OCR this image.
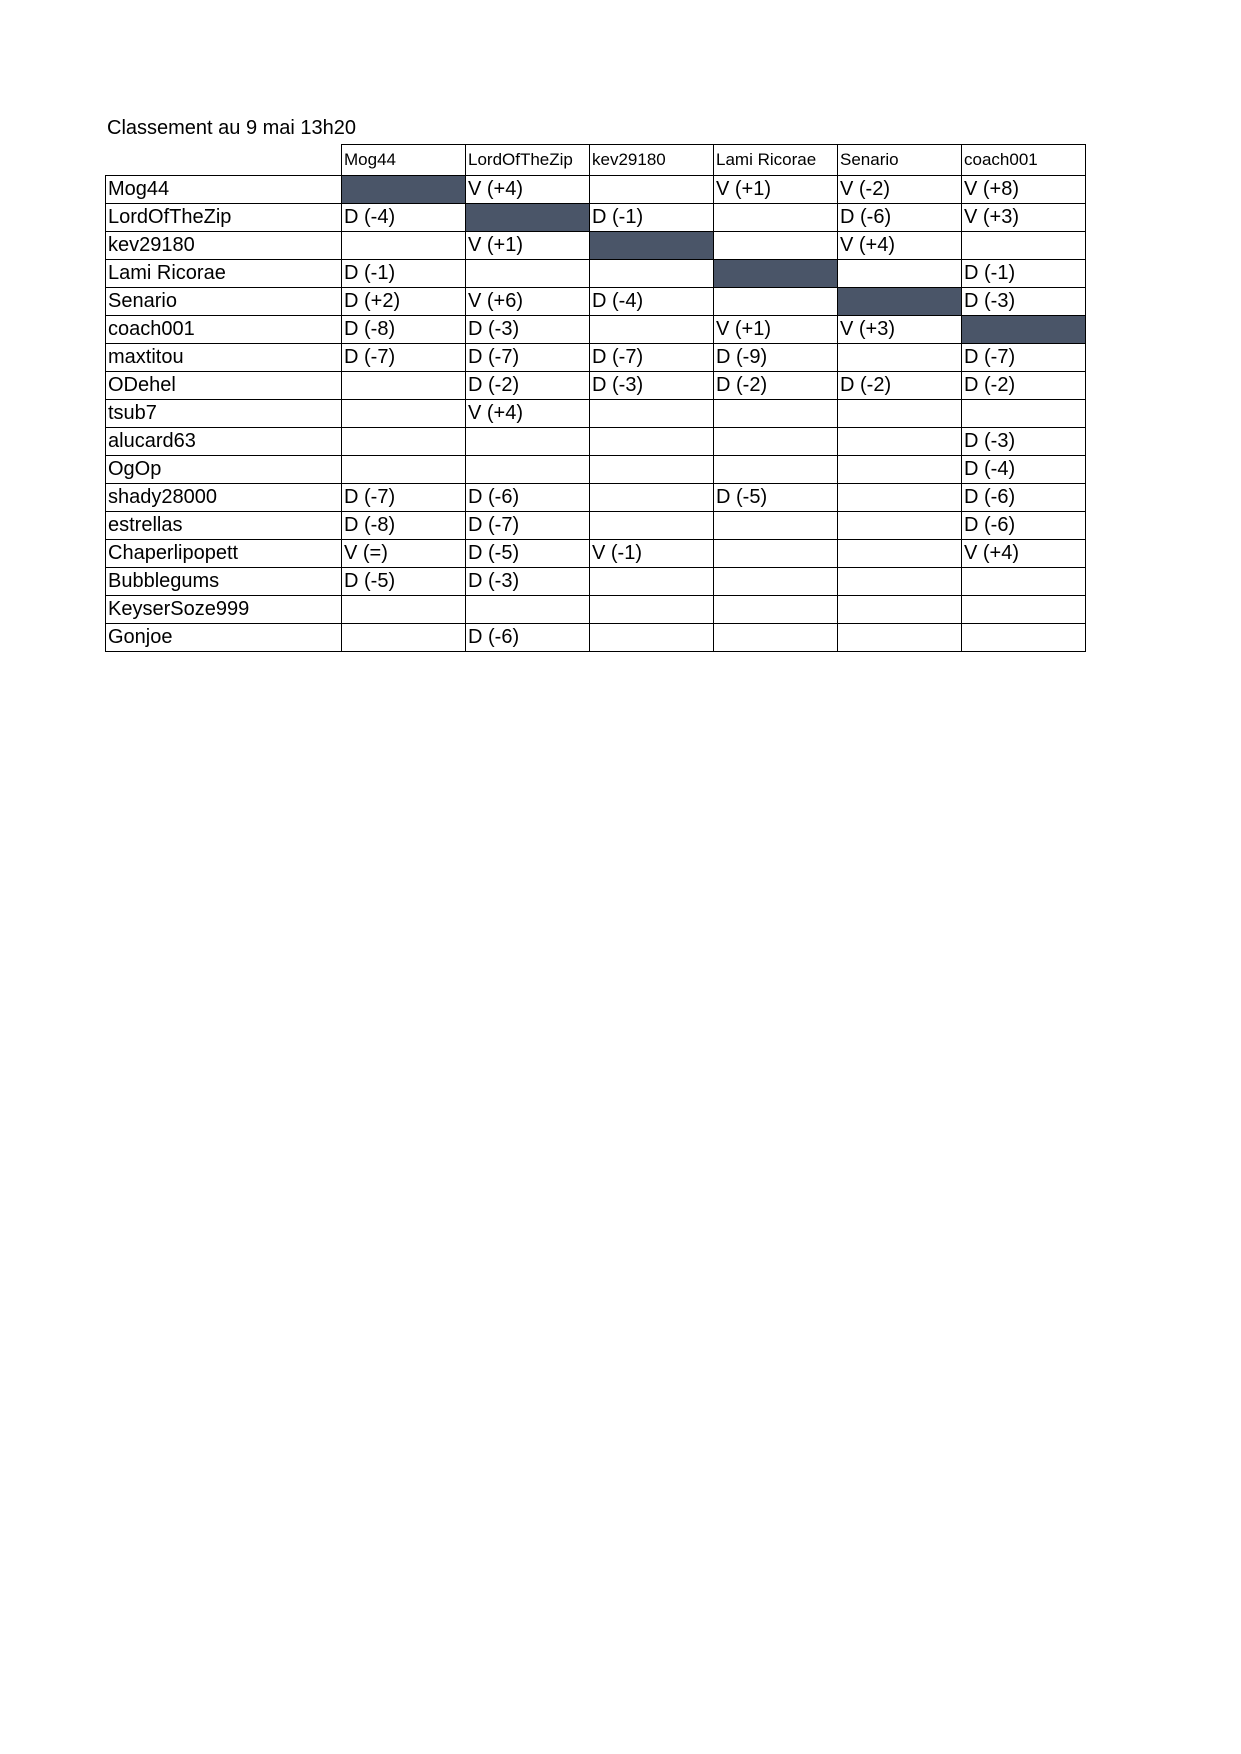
Classement au 9 mai 13h20
	Mog44	LordOfTheZip	kev29180	Lami Ricorae	Senario	coach001
Mog44		V (+4)		V (+1)	V (-2)	V (+8)
LordOfTheZip	D (-4)		D (-1)		D (-6)	V (+3)
kev29180		V (+1)			V (+4)	
Lami Ricorae	D (-1)					D (-1)
Senario	D (+2)	V (+6)	D (-4)			D (-3)
coach001	D (-8)	D (-3)		V (+1)	V (+3)	
maxtitou	D (-7)	D (-7)	D (-7)	D (-9)		D (-7)
ODehel		D (-2)	D (-3)	D (-2)	D (-2)	D (-2)
tsub7		V (+4)				
alucard63						D (-3)
OgOp						D (-4)
shady28000	D (-7)	D (-6)		D (-5)		D (-6)
estrellas	D (-8)	D (-7)				D (-6)
Chaperlipopett	V (=)	D (-5)	V (-1)			V (+4)
Bubblegums	D (-5)	D (-3)				
KeyserSoze999						
Gonjoe		D (-6)				
